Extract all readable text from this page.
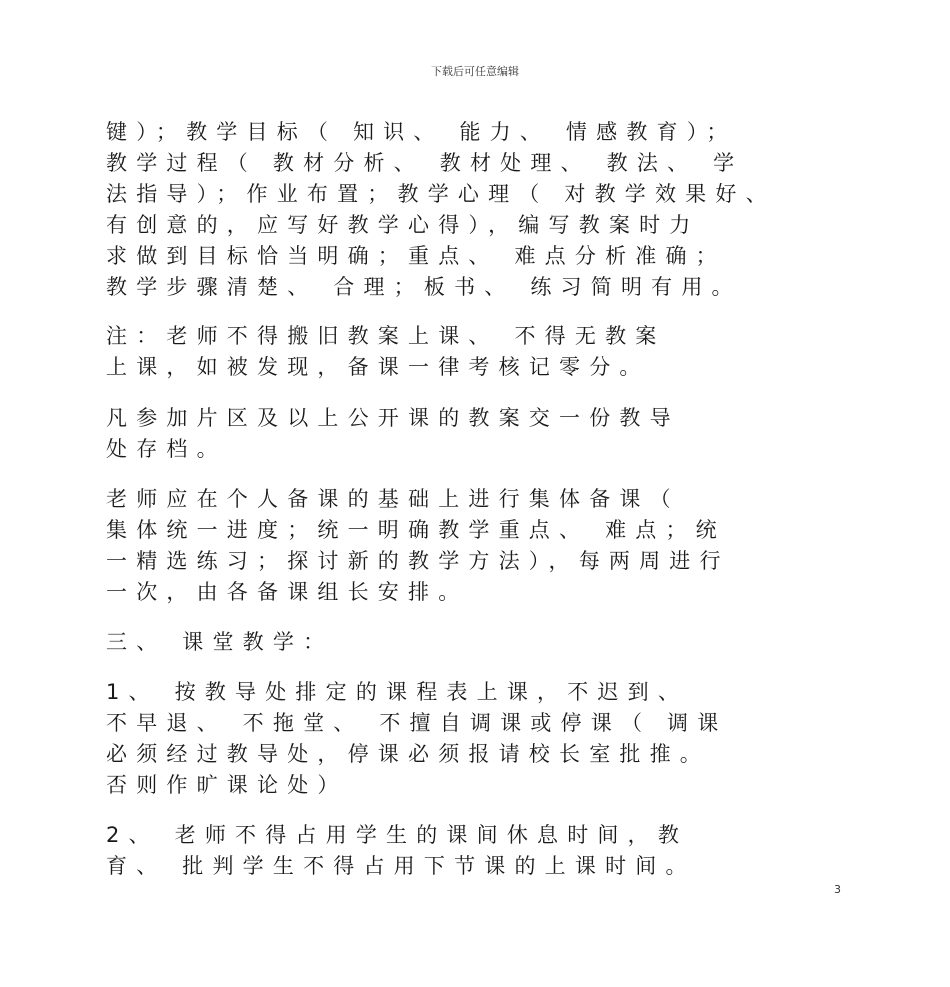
下载后可任意编辑
键）；教学目标（ 知识、 能力、 情感教育）；
教学过程（ 教材分析、 教材处理、 教法、 学
法指导）；作业布置；教学心理（ 对教学效果好、
有创意的，应写好教学心得），编写教案时力
求做到目标恰当明确；重点、 难点分析准确；
教学步骤清楚、 合理；板书、 练习简明有用。
注：老师不得搬旧教案上课、 不得无教案
上课，如被发现，备课一律考核记零分。
凡参加片区及以上公开课的教案交一份教导
处存档。
老师应在个人备课的基础上进行集体备课（
集体统一进度；统一明确教学重点、 难点；统
一精选练习；探讨新的教学方法），每两周进行
一次，由各备课组长安排。
三、 课堂教学：
1、 按教导处排定的课程表上课，不迟到、
不早退、 不拖堂、 不擅自调课或停课（ 调课
必须经过教导处，停课必须报请校长室批推。
否则作旷课论处）
2、 老师不得占用学生的课间休息时间，教
育、 批判学生不得占用下节课的上课时间。
3
